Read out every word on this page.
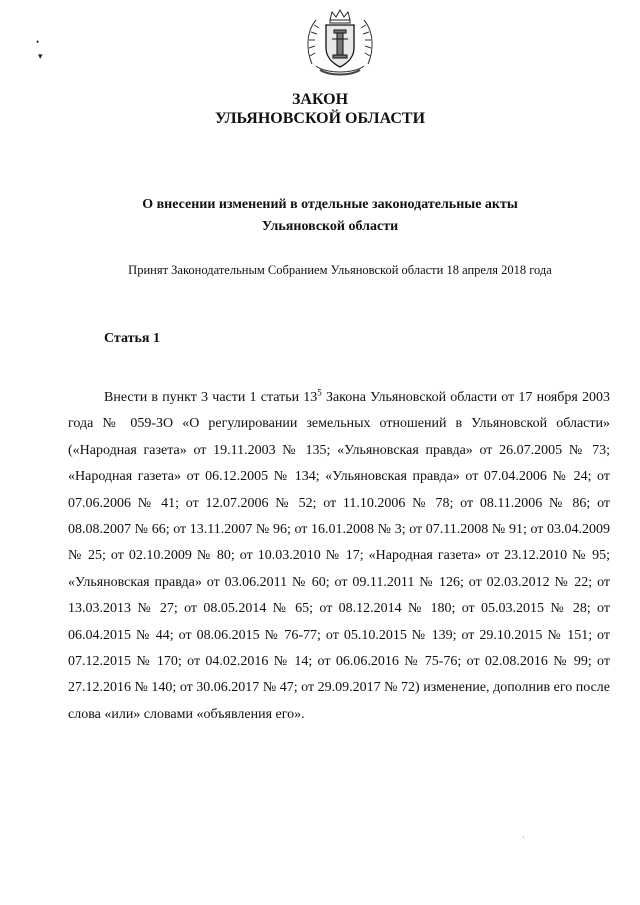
•
▾
ЗАКОН
УЛЬЯНОВСКОЙ ОБЛАСТИ
О внесении изменений в отдельные законодательные акты
Ульяновской области
Принят Законодательным Собранием Ульяновской области 18 апреля 2018 года
Статья 1

Внести в пункт 3 части 1 статьи $13^5$ Закона Ульяновской области от 17 ноября 2003 года № 059-ЗО «О регулировании земельных отношений в Ульяновской области» («Народная газета» от 19.11.2003 № 135; «Ульяновская правда» от 26.07.2005 № 73; «Народная газета» от 06.12.2005 № 134; «Ульяновская правда» от 07.04.2006 № 24; от 07.06.2006 № 41; от 12.07.2006 № 52; от 11.10.2006 № 78; от 08.11.2006 № 86; от 08.08.2007 № 66; от 13.11.2007 № 96; от 16.01.2008 № 3; от 07.11.2008 № 91; от 03.04.2009 № 25; от 02.10.2009 № 80; от 10.03.2010 № 17; «Народная газета» от 23.12.2010 № 95; «Ульяновская правда» от 03.06.2011 № 60; от 09.11.2011 № 126; от 02.03.2012 № 22; от 13.03.2013 № 27; от 08.05.2014 № 65; от 08.12.2014 № 180; от 05.03.2015 № 28; от 06.04.2015 № 44; от 08.06.2015 № 76-77; от 05.10.2015 № 139; от 29.10.2015 № 151; от 07.12.2015 № 170; от 04.02.2016 № 14; от 06.06.2016 № 75-76; от 02.08.2016 № 99; от 27.12.2016 № 140; от 30.06.2017 № 47; от 29.09.2017 № 72) изменение, дополнив его после слова «или» словами «объявления его».

·
